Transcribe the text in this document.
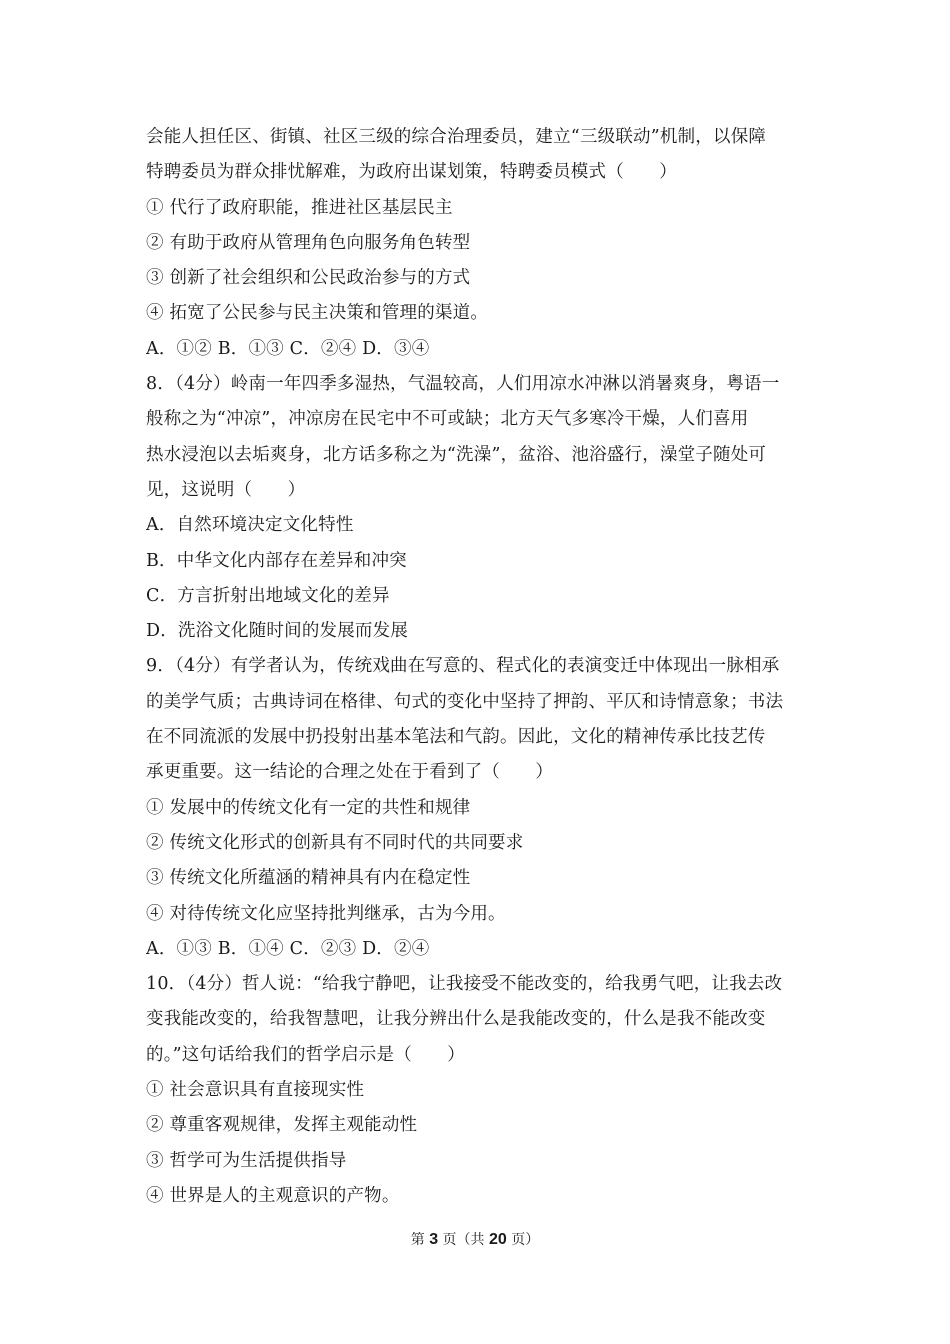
会能人担任区、街镇、社区三级的综合治理委员，建立“三级联动”机制，以保障
特聘委员为群众排忧解难，为政府出谋划策，特聘委员模式（　　）
① 代行了政府职能，推进社区基层民主
② 有助于政府从管理角色向服务角色转型
③ 创新了社会组织和公民政治参与的方式
④ 拓宽了公民参与民主决策和管理的渠道。
A．①② B．①③ C．②④ D．③④
8．（4分）岭南一年四季多湿热，气温较高，人们用凉水冲淋以消暑爽身，粤语一
般称之为“冲凉”，冲凉房在民宅中不可或缺；北方天气多寒冷干燥，人们喜用
热水浸泡以去垢爽身，北方话多称之为“洗澡”，盆浴、池浴盛行，澡堂子随处可
见，这说明（　　）
A．自然环境决定文化特性
B．中华文化内部存在差异和冲突
C．方言折射出地域文化的差异
D．洗浴文化随时间的发展而发展
9．（4分）有学者认为，传统戏曲在写意的、程式化的表演变迁中体现出一脉相承
的美学气质；古典诗词在格律、句式的变化中坚持了押韵、平仄和诗情意象；书法
在不同流派的发展中扔投射出基本笔法和气韵。因此，文化的精神传承比技艺传
承更重要。这一结论的合理之处在于看到了（　　）
① 发展中的传统文化有一定的共性和规律
② 传统文化形式的创新具有不同时代的共同要求
③ 传统文化所蕴涵的精神具有内在稳定性
④ 对待传统文化应坚持批判继承，古为今用。
A．①③ B．①④ C．②③ D．②④
10．（4分）哲人说：“给我宁静吧，让我接受不能改变的，给我勇气吧，让我去改
变我能改变的，给我智慧吧，让我分辨出什么是我能改变的，什么是我不能改变
的。”这句话给我们的哲学启示是（　　）
① 社会意识具有直接现实性
② 尊重客观规律，发挥主观能动性
③ 哲学可为生活提供指导
④ 世界是人的主观意识的产物。
第 3 页（共 20 页）
